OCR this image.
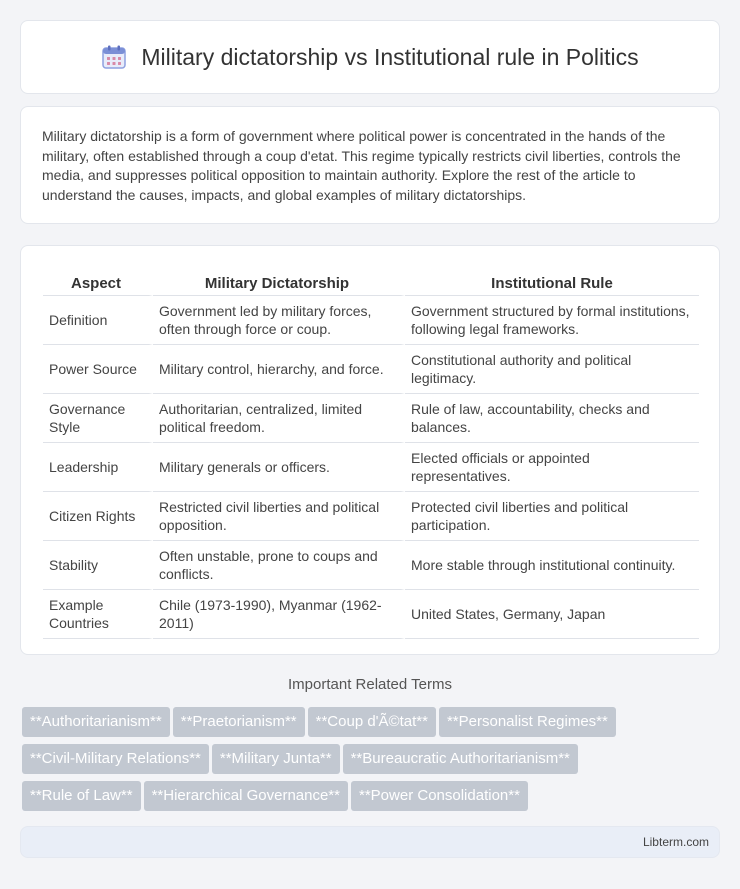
Military dictatorship vs Institutional rule in Politics

Military dictatorship is a form of government where political power is concentrated in the hands of the military, often established through a coup d'etat. This regime typically restricts civil liberties, controls the media, and suppresses political opposition to maintain authority. Explore the rest of the article to understand the causes, impacts, and global examples of military dictatorships.

Aspect	Military Dictatorship	Institutional Rule
Definition	Government led by military forces, often through force or coup.	Government structured by formal institutions, following legal frameworks.
Power Source	Military control, hierarchy, and force.	Constitutional authority and political legitimacy.
Governance Style	Authoritarian, centralized, limited political freedom.	Rule of law, accountability, checks and balances.
Leadership	Military generals or officers.	Elected officials or appointed representatives.
Citizen Rights	Restricted civil liberties and political opposition.	Protected civil liberties and political participation.
Stability	Often unstable, prone to coups and conflicts.	More stable through institutional continuity.
Example Countries	Chile (1973-1990), Myanmar (1962-2011)	United States, Germany, Japan
Important Related Terms
**Authoritarianism** **Praetorianism** **Coup d'Ã©tat** **Personalist Regimes****Civil-Military Relations** **Military Junta** **Bureaucratic Authoritarianism****Rule of Law** **Hierarchical Governance** **Power Consolidation**
Libterm.com
